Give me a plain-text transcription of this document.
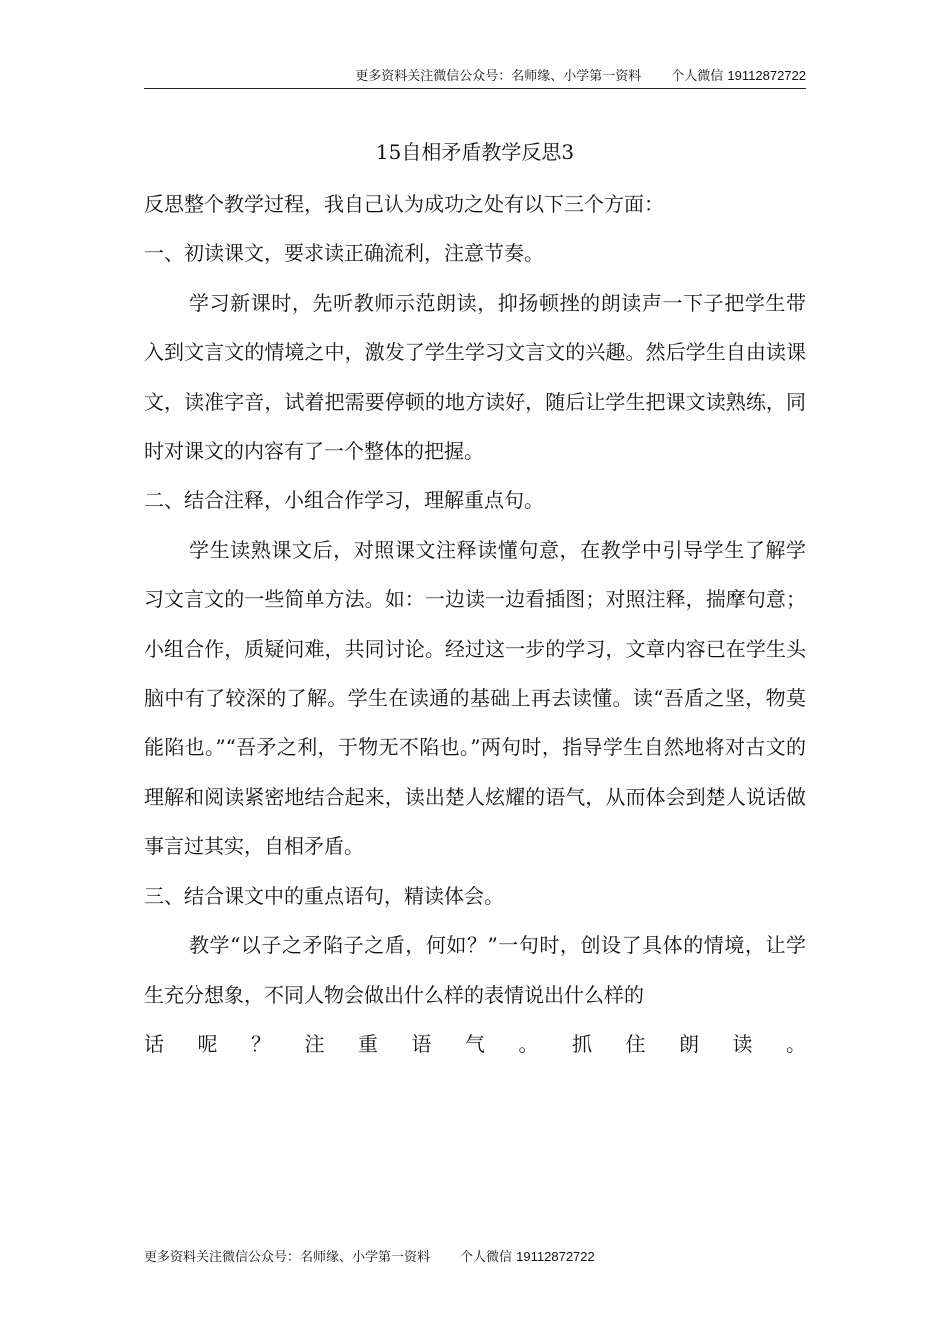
更多资料关注微信公众号：名师缘、小学第一资料 个人微信 19112872722
15自相矛盾教学反思3

反思整个教学过程，我自己认为成功之处有以下三个方面：

一、初读课文，要求读正确流利，注意节奏。

学习新课时，先听教师示范朗读，抑扬顿挫的朗读声一下子把学生带入到文言文的情境之中，激发了学生学习文言文的兴趣。然后学生自由读课文，读准字音，试着把需要停顿的地方读好，随后让学生把课文读熟练，同时对课文的内容有了一个整体的把握。

二、结合注释，小组合作学习，理解重点句。

学生读熟课文后，对照课文注释读懂句意，在教学中引导学生了解学习文言文的一些简单方法。如：一边读一边看插图；对照注释，揣摩句意；小组合作，质疑问难，共同讨论。经过这一步的学习，文章内容已在学生头脑中有了较深的了解。学生在读通的基础上再去读懂。读“吾盾之坚，物莫能陷也。”“吾矛之利，于物无不陷也。”两句时，指导学生自然地将对古文的理解和阅读紧密地结合起来，读出楚人炫耀的语气，从而体会到楚人说话做事言过其实，自相矛盾。

三、结合课文中的重点语句，精读体会。

教学“以子之矛陷子之盾，何如？”一句时，创设了具体的情境，让学生充分想象，不同人物会做出什么样的表情说出什么样的

话 呢 ？ 注 重 语 气 。 抓 住 朗 读 。

更多资料关注微信公众号：名师缘、小学第一资料 个人微信 19112872722
